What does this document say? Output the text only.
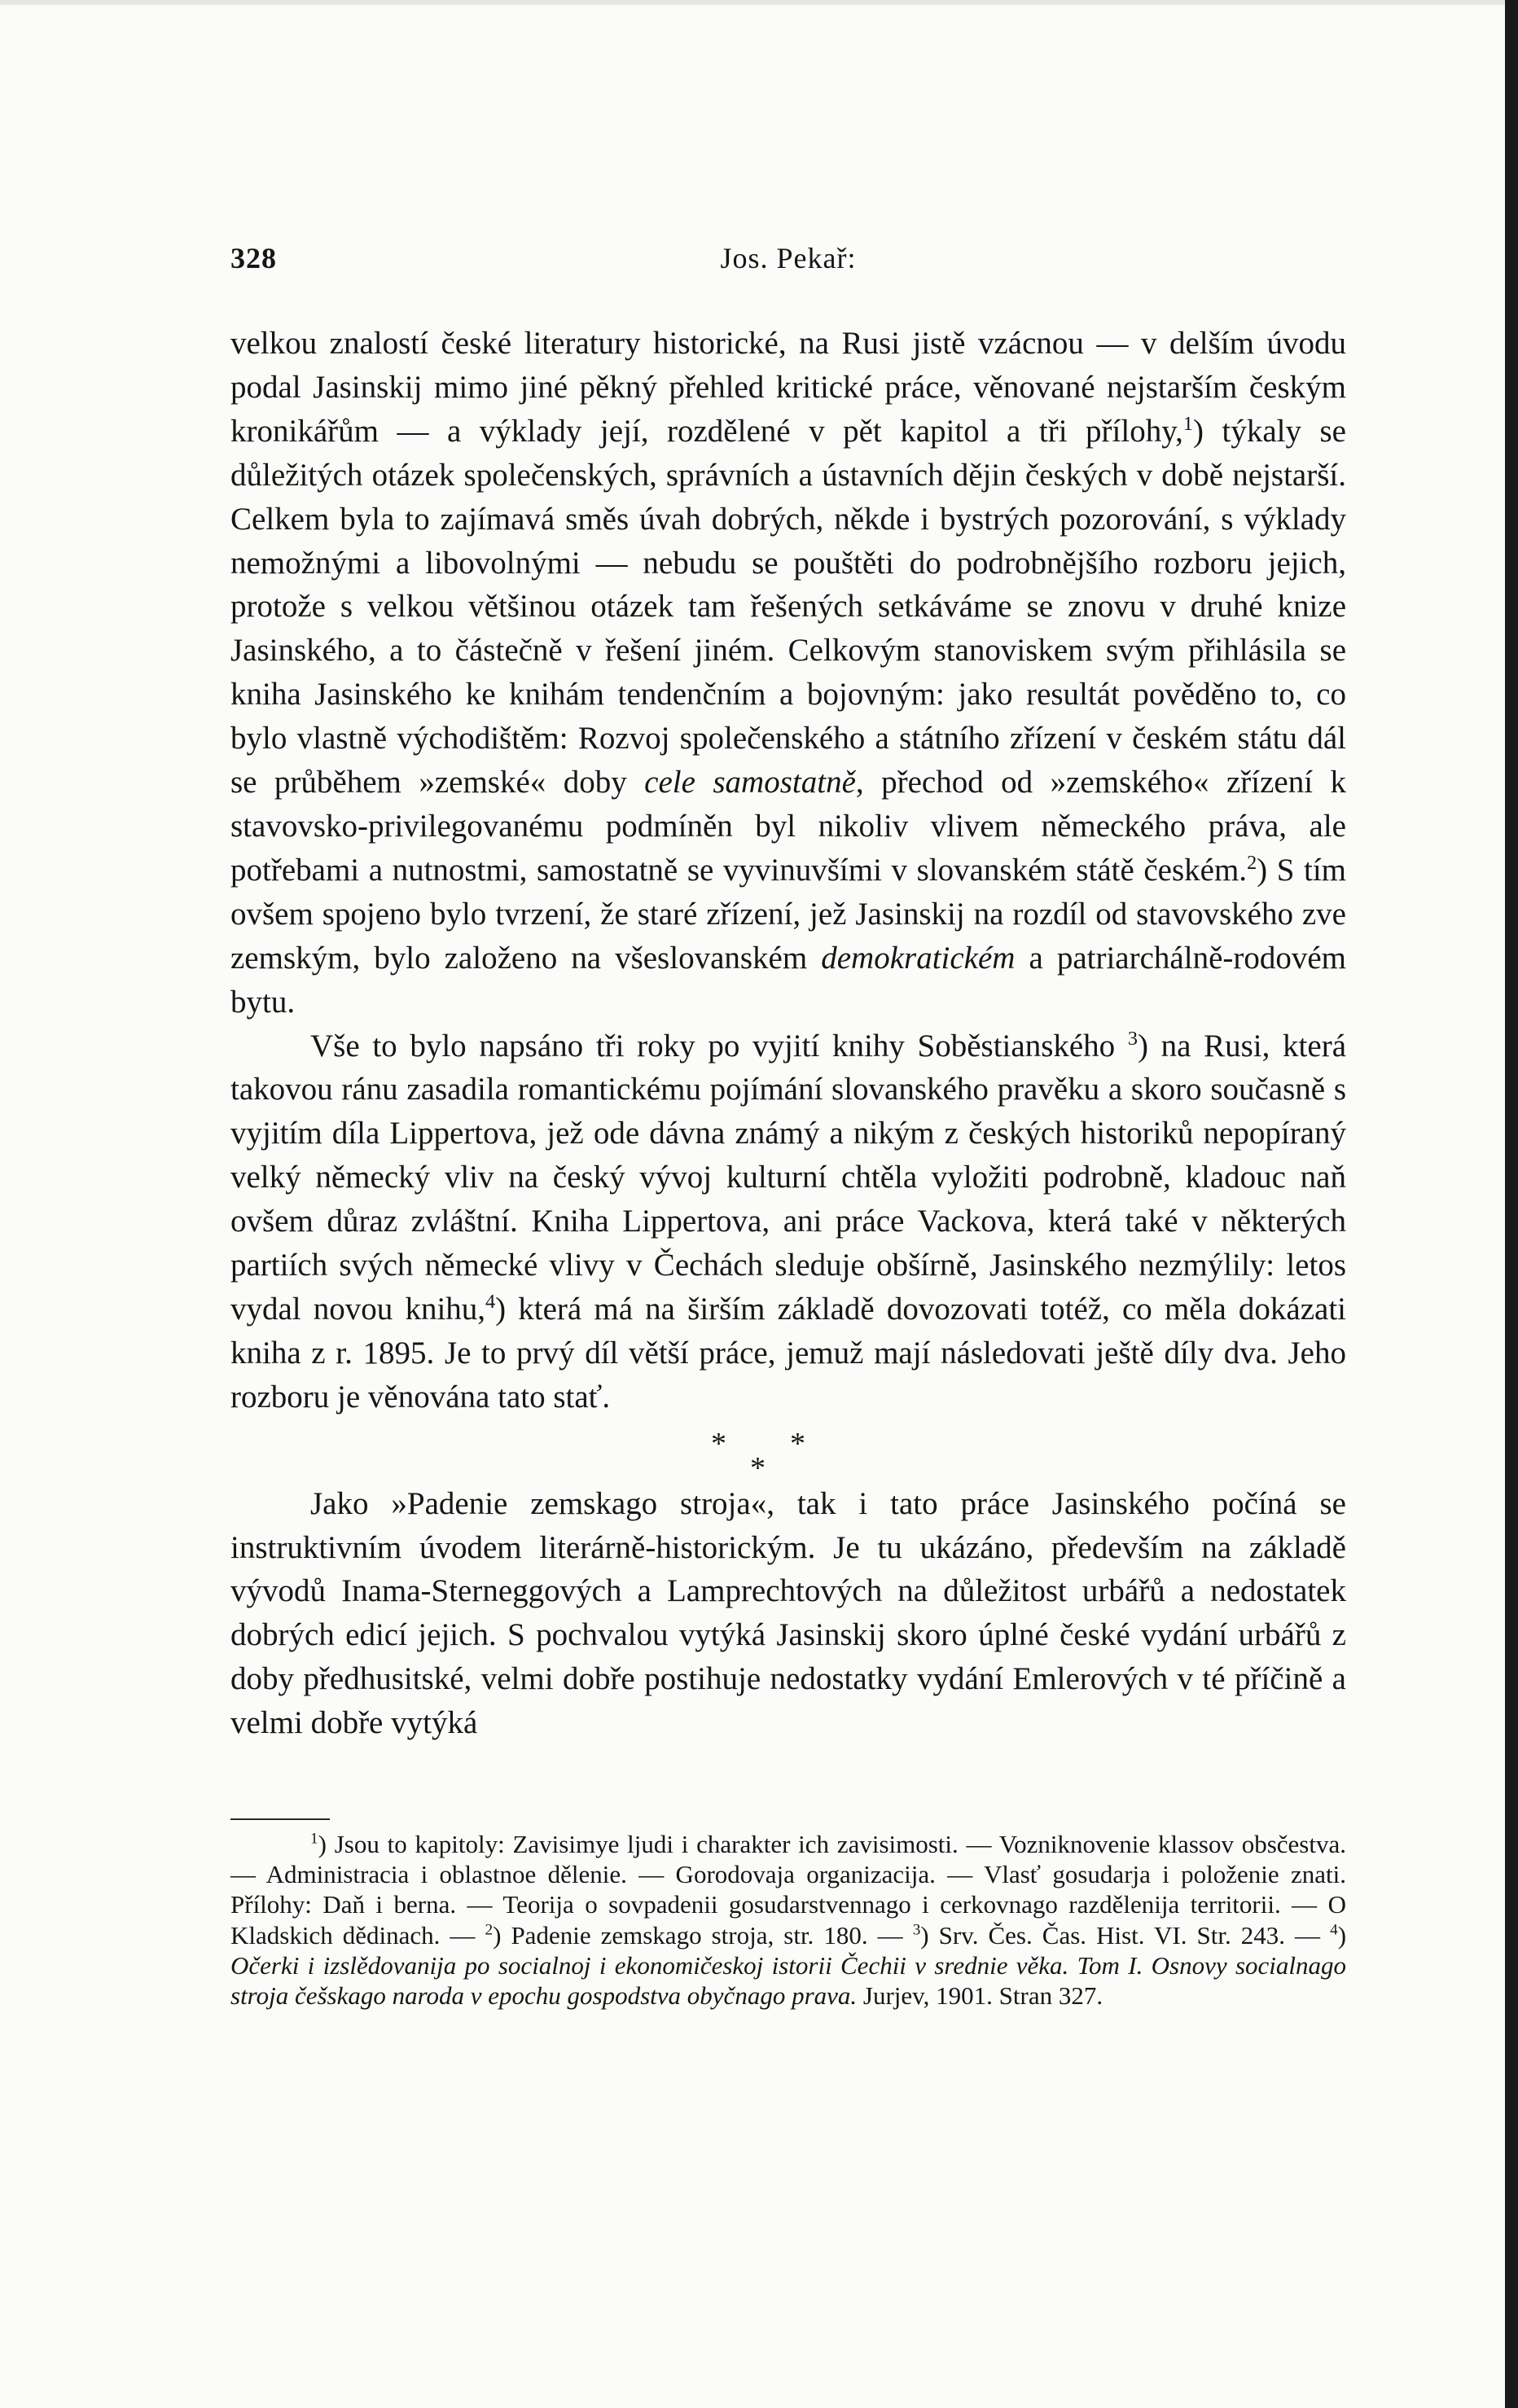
328	Jos. Pekař:

velkou znalostí české literatury historické, na Rusi jistě vzácnou — v delším úvodu podal Jasinskij mimo jiné pěkný přehled kritické práce, věnované nejstarším českým kronikářům — a výklady její, rozdělené v pět kapitol a tři přílohy,$^1$) týkaly se důležitých otázek společenských, správních a ústavních dějin českých v době nejstarší. Celkem byla to zajímavá směs úvah dobrých, někde i bystrých pozorování, s výklady nemožnými a libovolnými — nebudu se pouštěti do podrobnějšího rozboru jejich, protože s velkou většinou otázek tam řešených setkáváme se znovu v druhé knize Jasinského, a to částečně v řešení jiném. Celkovým stanoviskem svým přihlásila se kniha Jasinského ke knihám tendenčním a bojovným: jako resultát pověděno to, co bylo vlastně východištěm: Rozvoj společenského a státního zřízení v českém státu dál se průběhem »zemské« doby cele samostatně, přechod od »zemského« zřízení k stavovsko-privilegovanému podmíněn byl nikoliv vlivem německého práva, ale potřebami a nutnostmi, samostatně se vyvinuvšími v slovanském státě českém.$^2$) S tím ovšem spojeno bylo tvrzení, že staré zřízení, jež Jasinskij na rozdíl od stavovského zve zemským, bylo založeno na všeslovanském demokratickém a patriarchálně-rodovém bytu.

Vše to bylo napsáno tři roky po vyjití knihy Soběstianského $^3$) na Rusi, která takovou ránu zasadila romantickému pojímání slovanského pravěku a skoro současně s vyjitím díla Lippertova, jež ode dávna známý a nikým z českých historiků nepopíraný velký německý vliv na český vývoj kulturní chtěla vyložiti podrobně, kladouc naň ovšem důraz zvláštní. Kniha Lippertova, ani práce Vackova, která také v některých partiích svých německé vlivy v Čechách sleduje obšírně, Jasinského nezmýlily: letos vydal novou knihu,$^4$) která má na širším základě dovozovati totéž, co měla dokázati kniha z r. 1895. Je to prvý díl větší práce, jemuž mají následovati ještě díly dva. Jeho rozboru je věnována tato stať.

* *
*

Jako »Padenie zemskago stroja«, tak i tato práce Jasinského počíná se instruktivním úvodem literárně-historickým. Je tu ukázáno, především na základě vývodů Inama-Sterneggových a Lamprechtových na důležitost urbářů a nedostatek dobrých edicí jejich. S pochvalou vytýká Jasinskij skoro úplné české vydání urbářů z doby předhusitské, velmi dobře postihuje nedostatky vydání Emlerových v té příčině a velmi dobře vytýká

$^1$) Jsou to kapitoly: Zavisimye ljudi i charakter ich zavisimosti. — Vozniknovenie klassov obsčestva. — Administracia i oblastnoe dělenie. — Gorodovaja organizacija. — Vlasť gosudarja i položenie znati. Přílohy: Daň i berna. — Teorija o sovpadenii gosudarstvennago i cerkovnago razdělenija territorii. — O Kladskich dědinach. — $^2$) Padenie zemskago stroja, str. 180. — $^3$) Srv. Čes. Čas. Hist. VI. Str. 243. — $^4$) Očerki i izslědovanija po socialnoj i ekonomičeskoj istorii Čechii v srednie věka. Tom I. Osnovy socialnago stroja češskago naroda v epochu gospodstva obyčnago prava. Jurjev, 1901. Stran 327.
